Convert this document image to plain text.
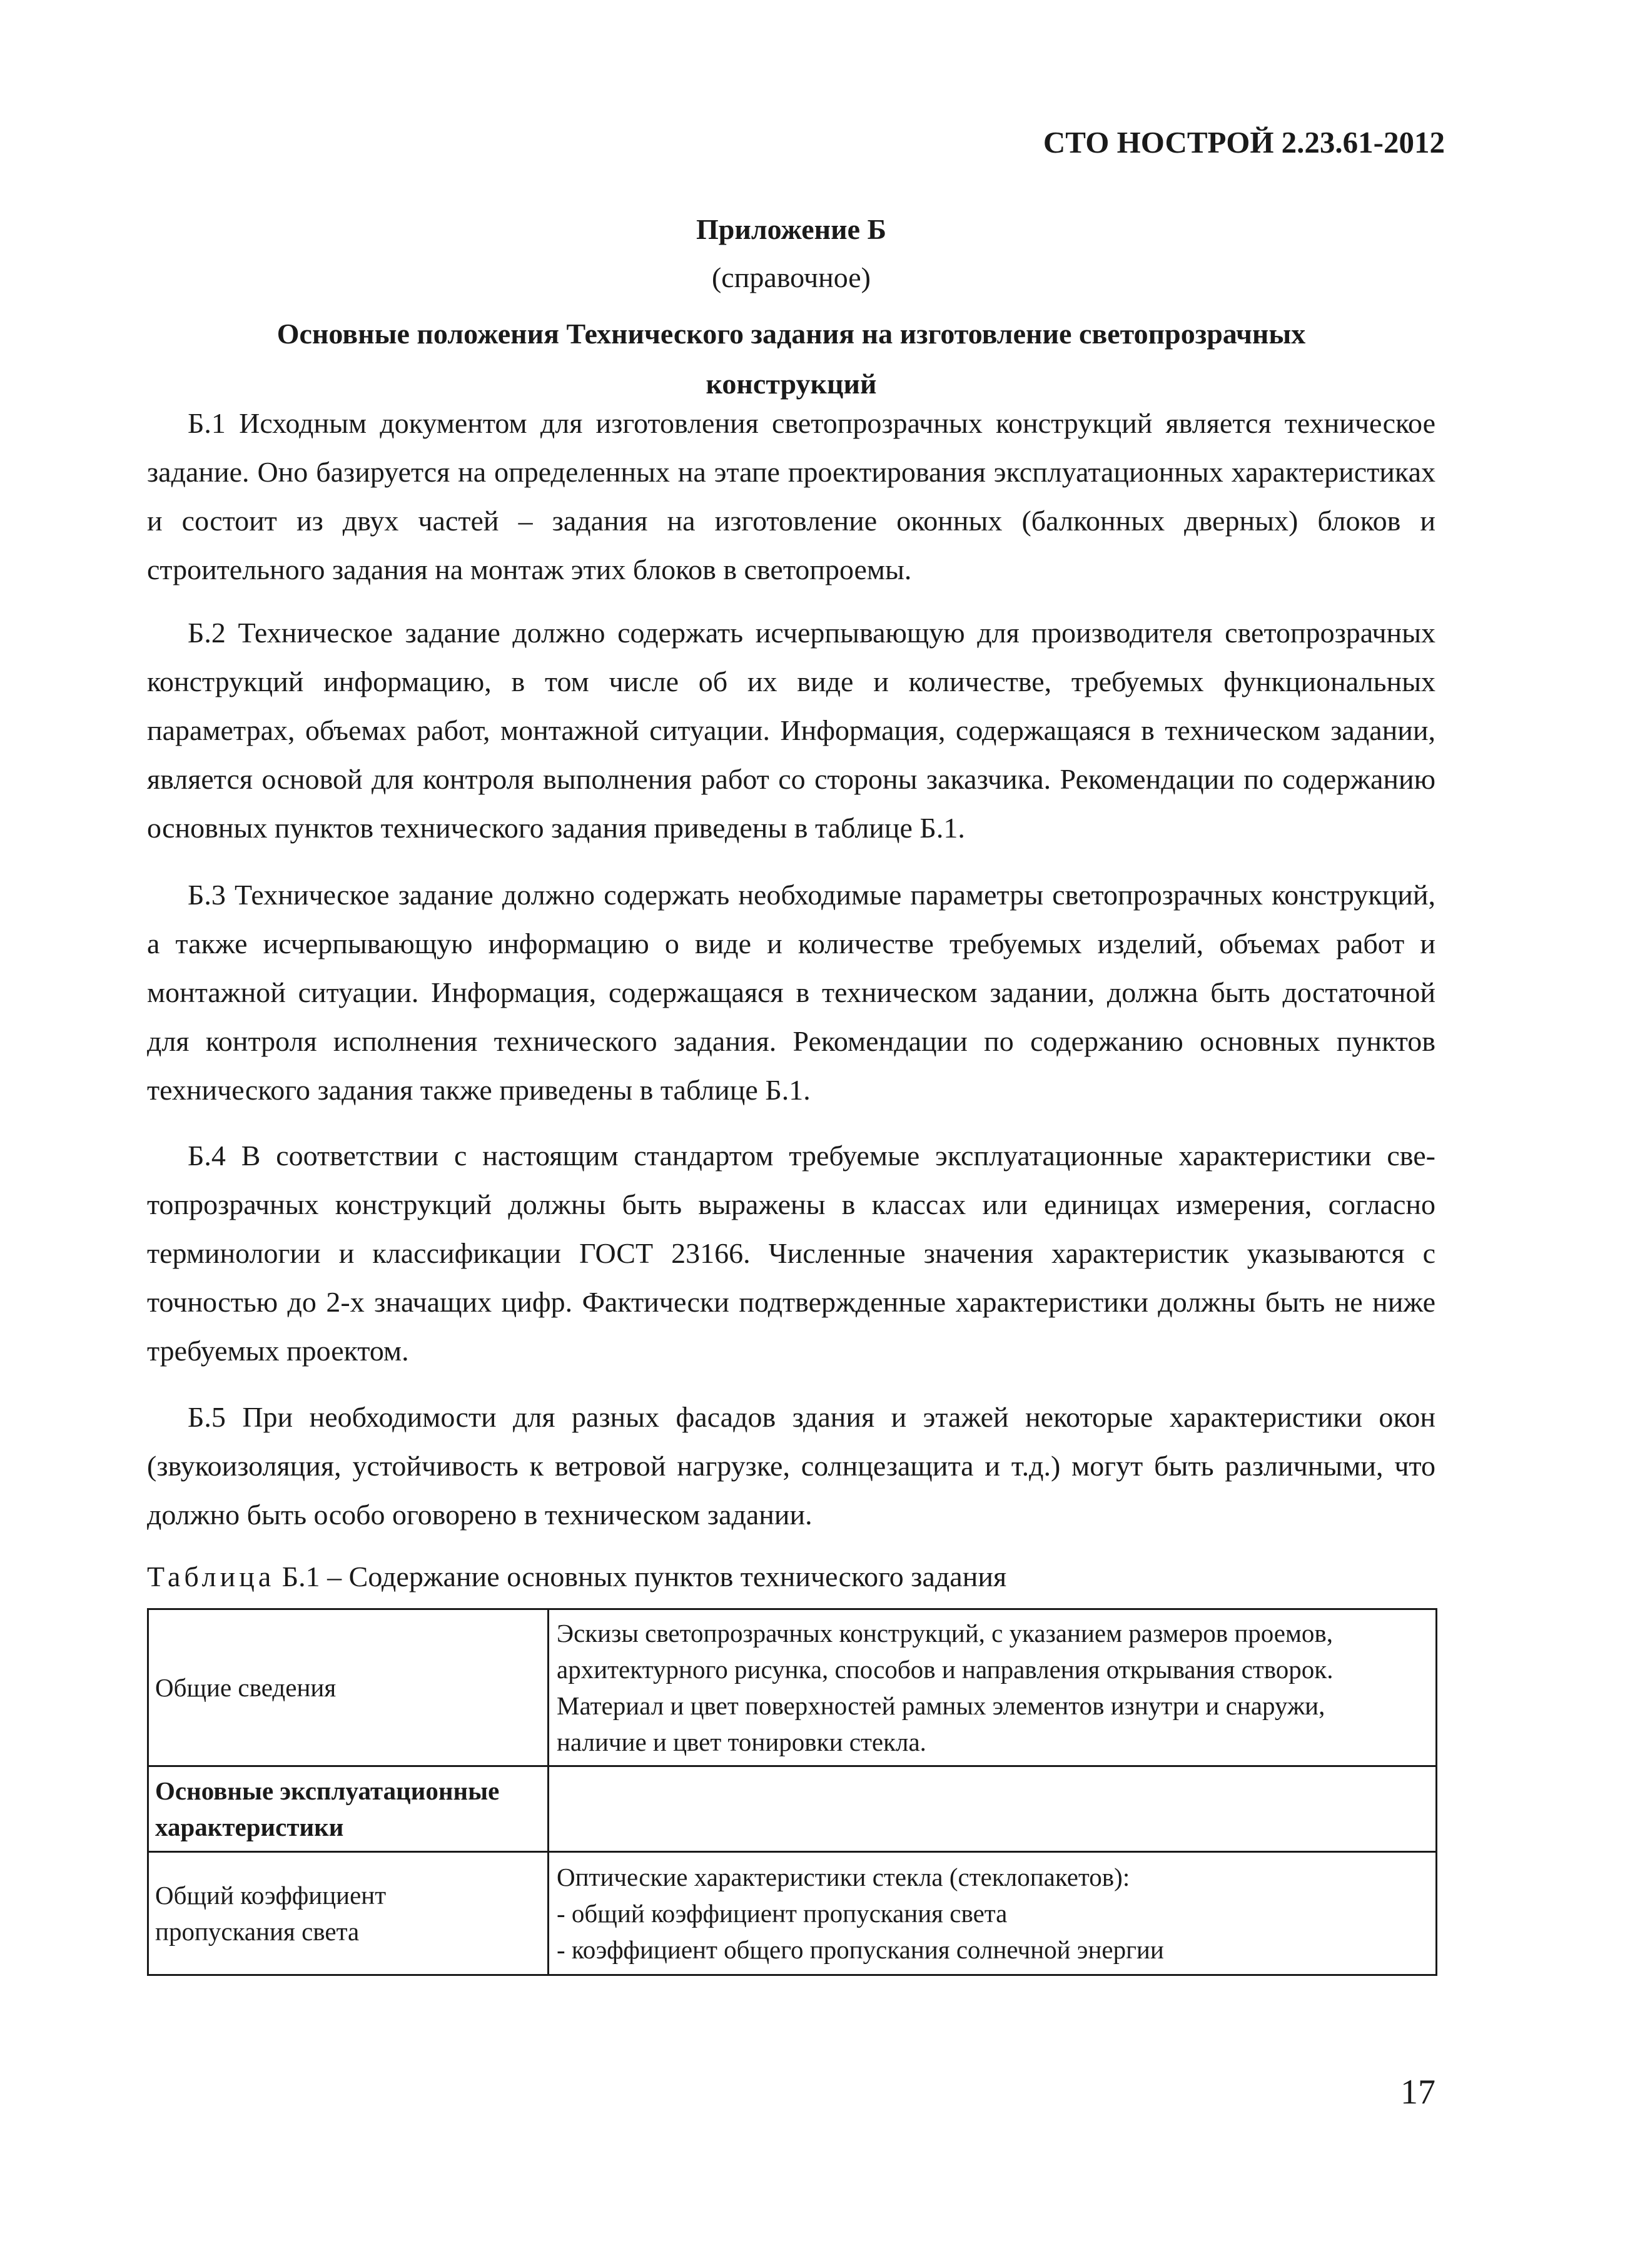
СТО НОСТРОЙ 2.23.61-2012
Приложение Б
(справочное)
Основные положения Технического задания на изготовление светопрозрачных
конструкций

Б.1 Исходным документом для изготовления светопрозрачных конструкций является техническое задание. Оно базируется на определенных на этапе проектирования эксплуатационных характеристиках и состоит из двух частей – задания на изготовление оконных (балконных дверных) блоков и строительного задания на монтаж этих блоков в светопроемы.

Б.2 Техническое задание должно содержать исчерпывающую для производителя светопрозрачных конструкций информацию, в том числе об их виде и количестве, требуемых функциональных параметрах, объемах работ, монтажной ситуации. Информация, содержащаяся в техническом задании, является основой для контроля выполнения работ со стороны заказчика. Рекомендации по содержанию основных пунктов технического задания приведены в таблице Б.1.

Б.3 Техническое задание должно содержать необходимые параметры светопрозрачных конструкций, а также исчерпывающую информацию о виде и количестве требуемых изделий, объемах работ и монтажной ситуации. Информация, содержащаяся в техническом задании, должна быть достаточной для контроля исполнения технического задания. Рекомендации по содержанию основных пунктов технического задания также приведены в таблице Б.1.

Б.4 В соответствии с настоящим стандартом требуемые эксплуатационные характеристики светопрозрачных конструкций должны быть выражены в классах или единицах измерения, согласно терминологии и классификации ГОСТ 23166. Численные значения характеристик указываются с точностью до 2-х значащих цифр. Фактически подтвержденные характеристики должны быть не ниже требуемых проектом.

Б.5 При необходимости для разных фасадов здания и этажей некоторые характеристики окон (звукоизоляция, устойчивость к ветровой нагрузке, солнцезащита и т.д.) могут быть различными, что должно быть особо оговорено в техническом задании.

Таблица Б.1 – Содержание основных пунктов технического задания
Общие сведения	Эскизы светопрозрачных конструкций, с указанием размеров проемов,
архитектурного рисунка, способов и направления открывания створок.
Материал и цвет поверхностей рамных элементов изнутри и снаружи,
наличие и цвет тонировки стекла.

Основные эксплуатационные
характеристики	

Общий коэффициент
пропускания света	Оптические характеристики стекла (стеклопакетов):
- общий коэффициент пропускания света
- коэффициент общего пропускания солнечной энергии
17
